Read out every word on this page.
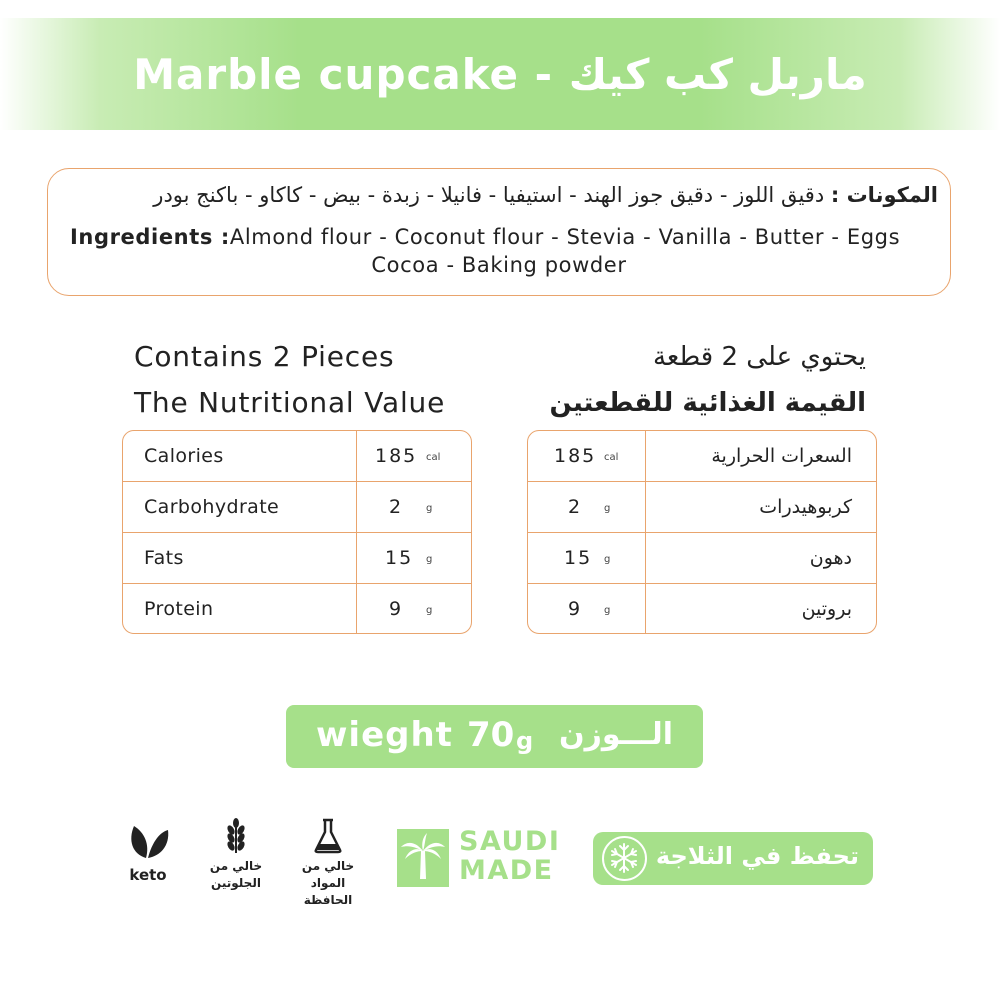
Marble cupcake - ماربل كب كيك
المكونات : دقيق اللوز - دقيق جوز الهند - استيفيا - فانيلا - زبدة - بيض - كاكاو - باكنج بودر
Ingredients :Almond flour - Coconut flour - Stevia - Vanilla - Butter - Eggs
Cocoa - Baking powder
Contains 2 Pieces
The Nutritional Value
يحتوي على 2 قطعة
القيمة الغذائية للقطعتين
Calories	185 cal
Carbohydrate	2 g
Fats	15 g
Protein	9 g
185 cal	السعرات الحرارية
2 g	كربوهيدرات
15 g	دهون
9 g	بروتين
wieght 70 g الـــوزن
keto	خالي من
الجلوتين
خالي من المواد
الحافظة
SAUDI
MADE	تحفظ في الثلاجة
